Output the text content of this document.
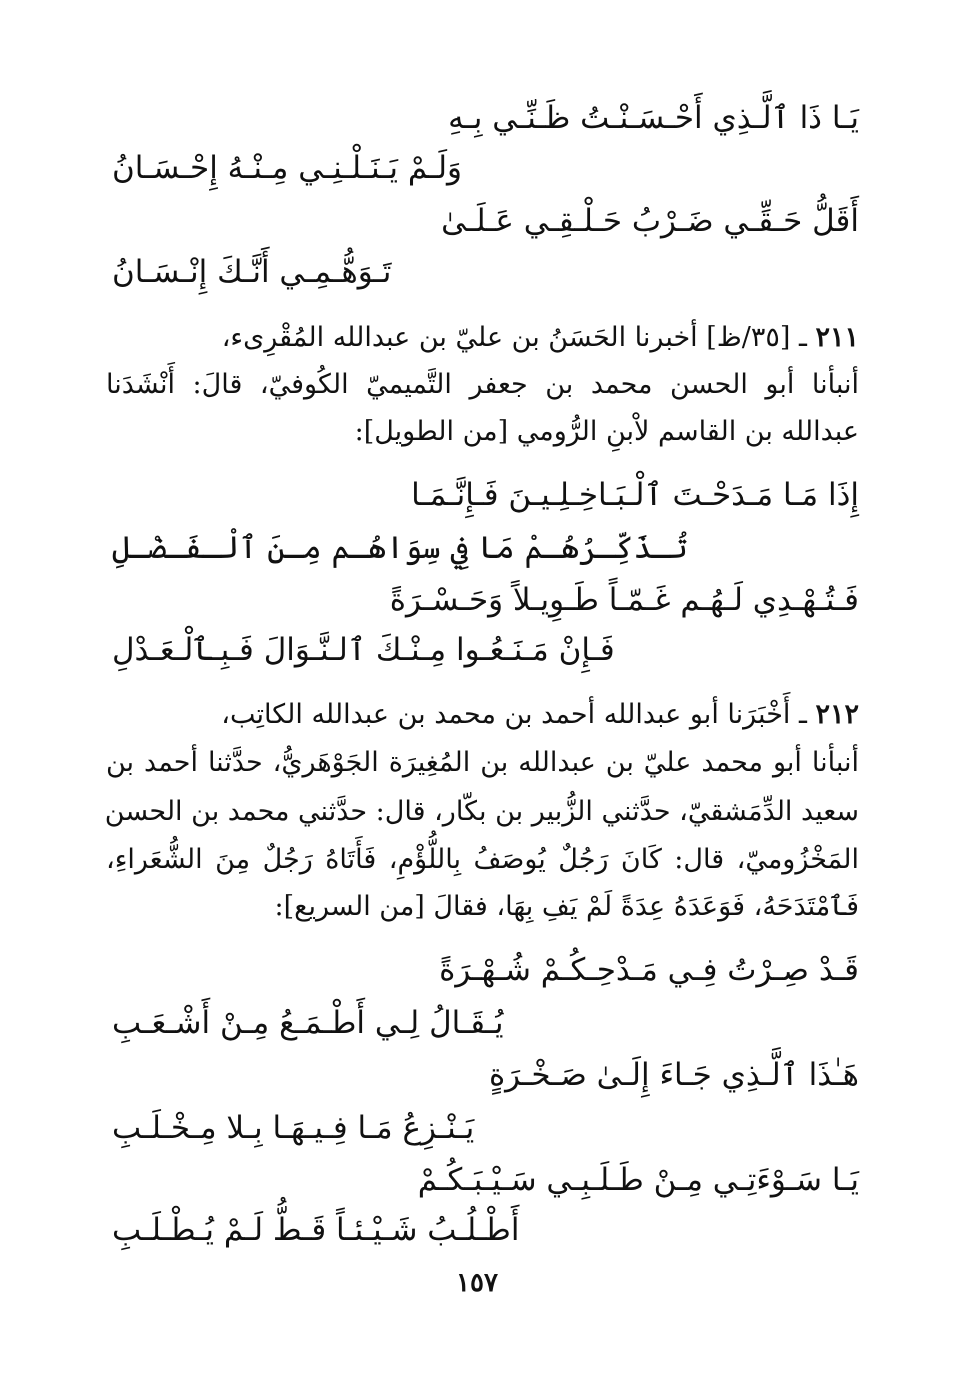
يَـا ذَا ٱلَّـذِي أَحْـسَـنْـتُ ظَـنِّـي بِـهِ
وَلَـمْ يَـنَـلْـنِـي مِـنْـهُ إِحْـسَـانُ
أَقَلُّ حَـقِّـي ضَـرْبُ حَـلْـقِـي عَـلَـىٰ
تَـوَهُّـمِـي أَنَّـكَ إِنْـسَـانُ
٢١١ ـ [٣٥/ظ] أخبرنا الحَسَنُ بن عليّ بن عبدالله المُقْرِىء،
أنبأنا أبو الحسن محمد بن جعفر التَّميميّ الكُوفيّ، قالَ: أَنْشَدَنا
عبدالله بن القاسم لاْبنِ الرُّومي [من الطويل]:
إِذَا مَـا مَـدَحْـتَ ٱلْـبَـاخِـلِـيـنَ فَـإِنَّـمَـا
تُـذَكِّـرُهُـمْ مَا فِي سِوَاهُـم مِـنَ ٱلْـفَـضْـلِ
فَـتُـهْـدِي لَـهُـم غَـمّـاً طَـوِيـلاً وَحَـسْـرَةً
فَـإِنْ مَـنَـعُـوا مِـنْـكَ ٱلـنَّـوَالَ فَـبِـٱلْـعَـدْلِ
٢١٢ ـ أَخْبَرَنا أبو عبدالله أحمد بن محمد بن عبدالله الكاتِب،
أنبأنا أبو محمد عليّ بن عبدالله بن المُغِيرَة الجَوْهَريُّ، حدَّثنا أحمد بن
سعيد الدِّمَشقيّ، حدَّثني الزُّبير بن بكّار، قال: حدَّثني محمد بن الحسن
المَخْزُوميّ، قال: كَانَ رَجُلٌ يُوصَفُ بِاللُّؤْمِ، فَأَتَاهُ رَجُلٌ مِنَ الشُّعَراءِ،
فَٱمْتَدَحَهُ، فَوَعَدَهُ عِدَةً لَمْ يَفِ بِهَا، فقالَ [من السريع]:
قَـدْ صِـرْتُ فِـي مَـدْحِـكُـمْ شُـهْـرَةً
يُـقَـالُ لِـي أَطْـمَـعُ مِـنْ أَشْـعَـبِ
هَـٰذَا ٱلَّـذِي جَـاءَ إِلَـىٰ صَـخْـرَةٍ
يَـنْـزِعُ مَـا فِـيـهَـا بِـلا مِـخْـلَـبِ
يَـا سَـوْءَتِـي مِـنْ طَـلَـبِـي سَـيْـبَـكُـمْ
أَطْـلُـبُ شَـيْـئـاً قَـطُّ لَـمْ يُـطْـلَـبِ
١٥٧
